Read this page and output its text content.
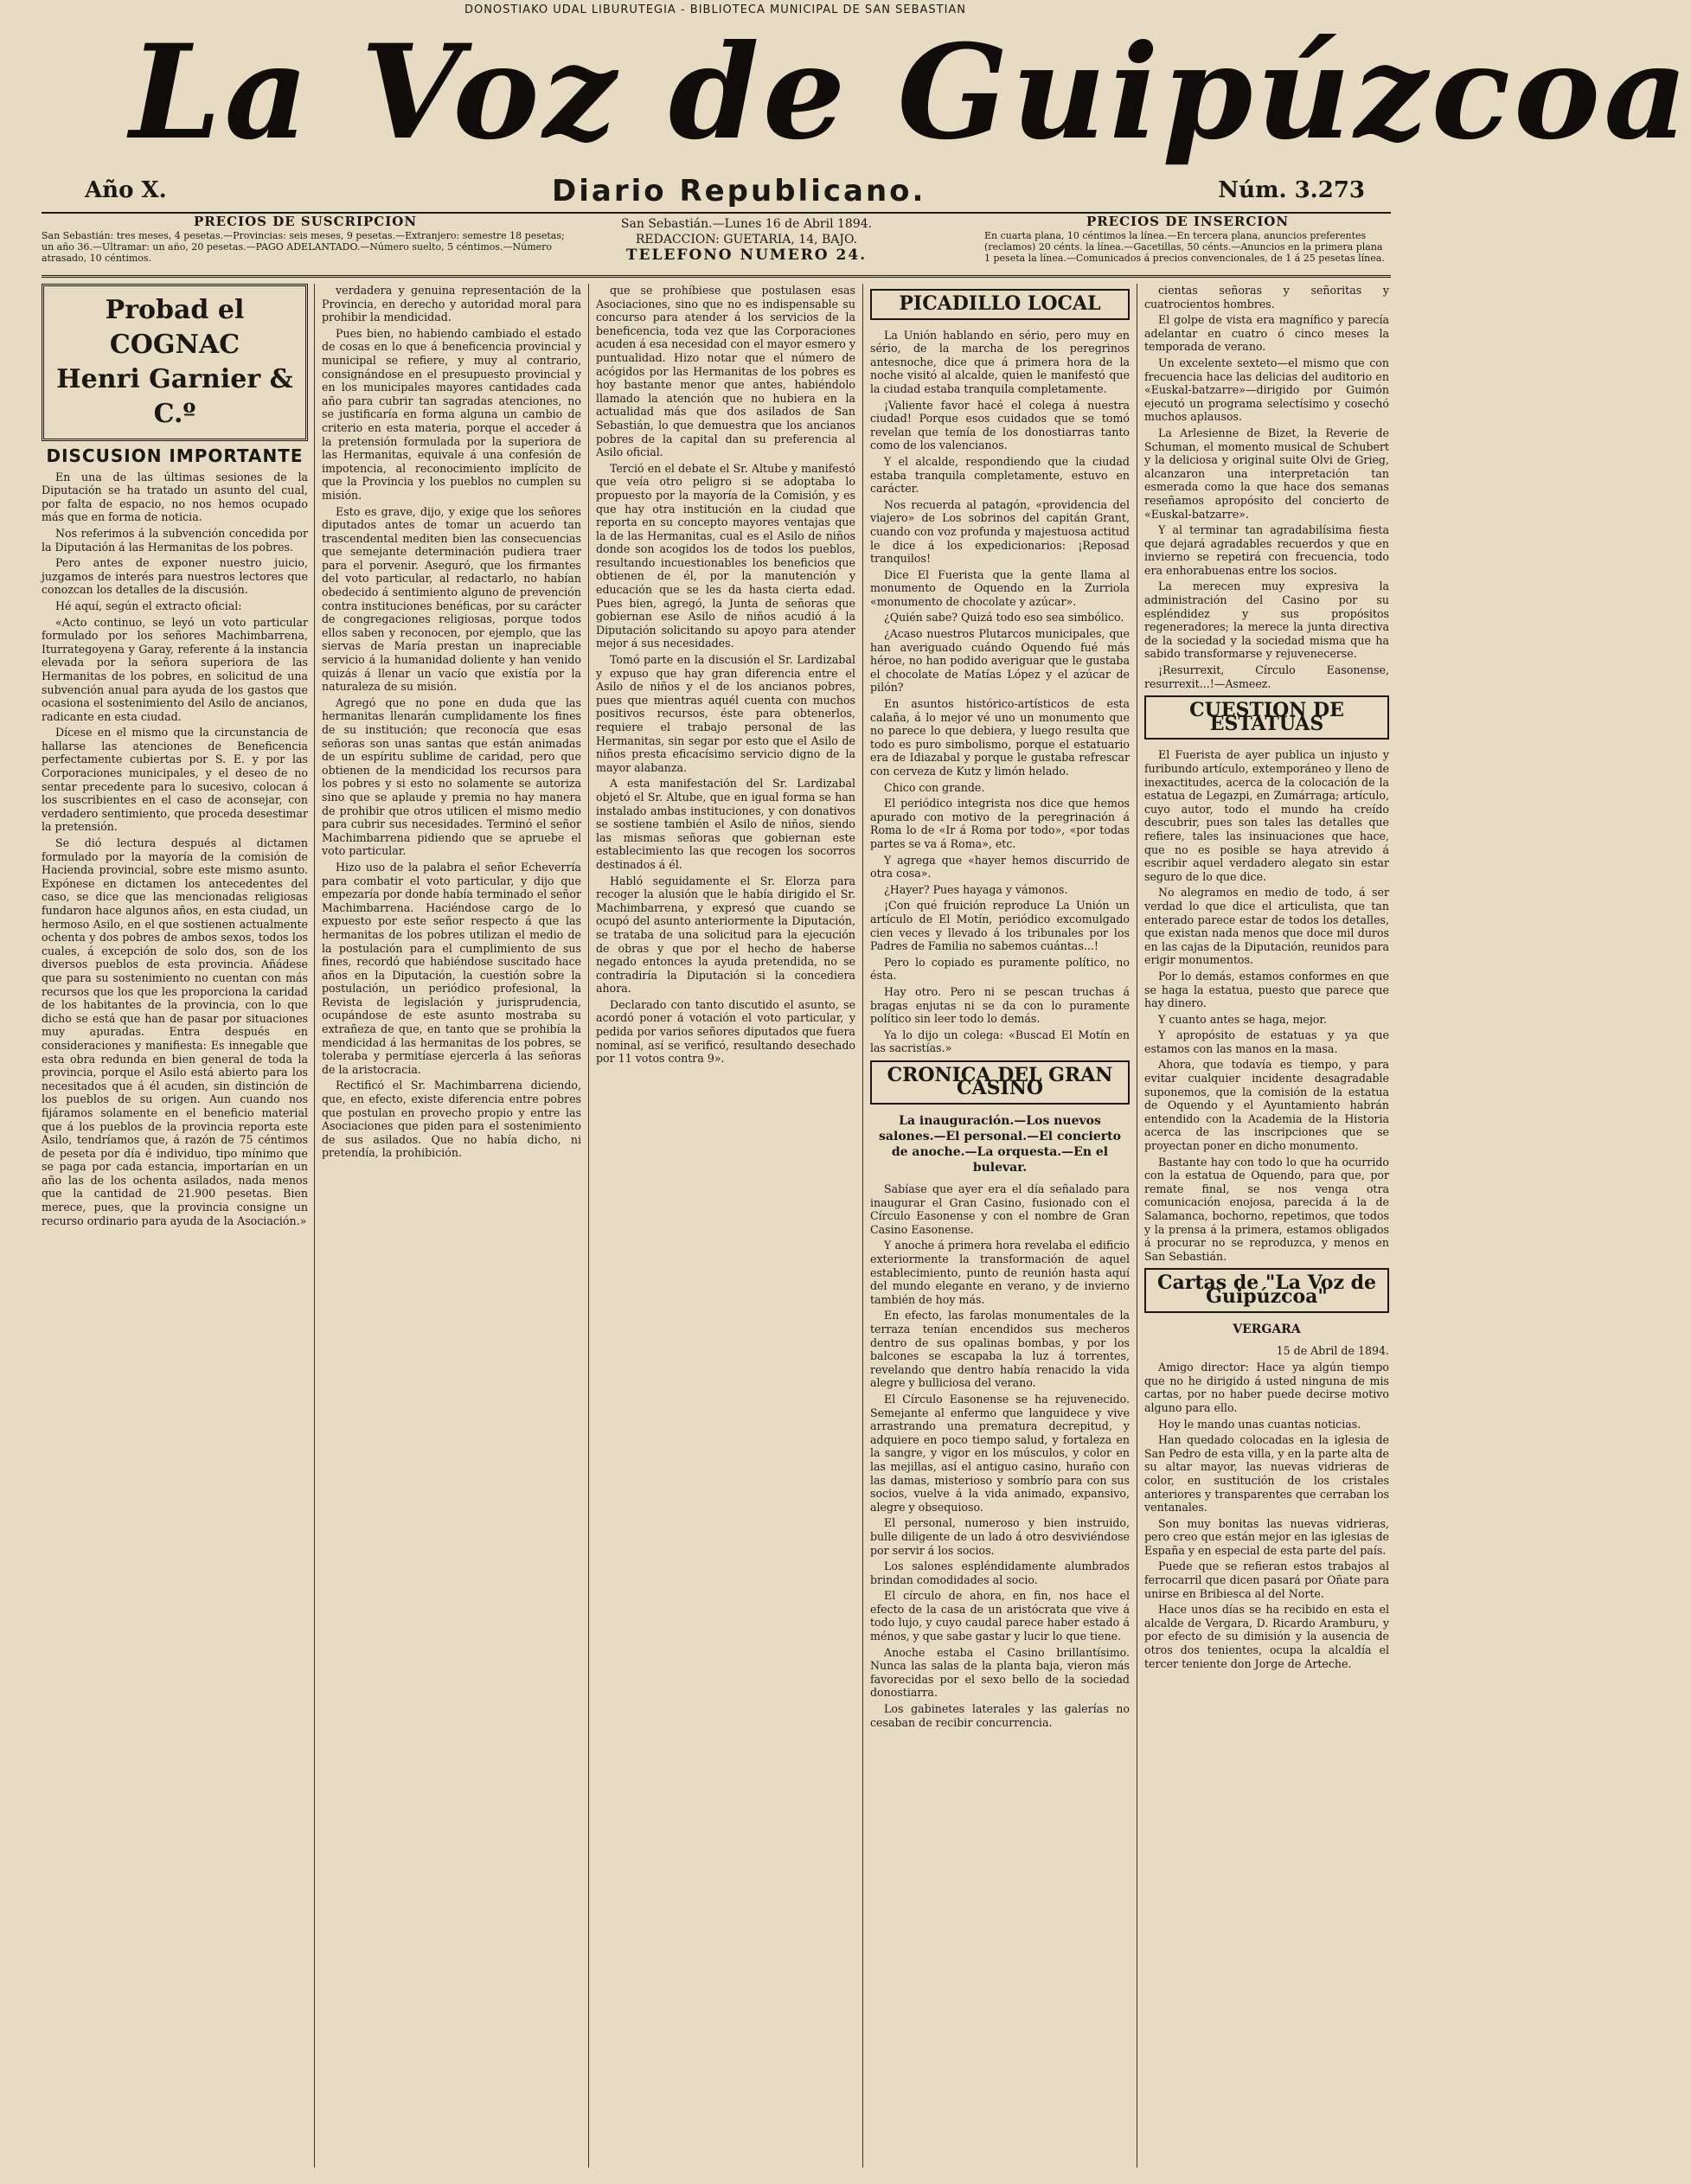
DONOSTIAKO UDAL LIBURUTEGIA - BIBLIOTECA MUNICIPAL DE SAN SEBASTIAN
La Voz de Guipúzcoa
Año X.	Diario Republicano.	Núm. 3.273
PRECIOS DE SUSCRIPCION
San Sebastián: tres meses, 4 pesetas.—Provincias: seis meses, 9 pesetas.—Extranjero: semestre 18 pesetas; un año 36.—Ultramar: un año, 20 pesetas.—PAGO ADELANTADO.—Número suelto, 5 céntimos.—Número atrasado, 10 céntimos.
San Sebastián.—Lunes 16 de Abril 1894.
REDACCION: GUETARIA, 14, BAJO.
TELEFONO NUMERO 24.
PRECIOS DE INSERCION
En cuarta plana, 10 céntimos la línea.—En tercera plana, anuncios preferentes (reclamos) 20 cénts. la línea.—Gacetillas, 50 cénts.—Anuncios en la primera plana 1 peseta la línea.—Comunicados á precios convencionales, de 1 á 25 pesetas línea.
Probad el COGNAC
Henri Garnier & C.º
DISCUSION IMPORTANTE

En una de las últimas sesiones de la Diputación se ha tratado un asunto del cual, por falta de espacio, no nos hemos ocupado más que en forma de noticia.

Nos referimos á la subvención concedida por la Diputación á las Hermanitas de los pobres.

Pero antes de exponer nuestro juicio, juzgamos de interés para nuestros lectores que conozcan los detalles de la discusión.

Hé aquí, según el extracto oficial:

«Acto continuo, se leyó un voto particular formulado por los señores Machimbarrena, Iturrategoyena y Garay, referente á la instancia elevada por la señora superiora de las Hermanitas de los pobres, en solicitud de una subvención anual para ayuda de los gastos que ocasiona el sostenimiento del Asilo de ancianos, radicante en esta ciudad.

Dícese en el mismo que la circunstancia de hallarse las atenciones de Beneficencia perfectamente cubiertas por S. E. y por las Corporaciones municipales, y el deseo de no sentar precedente para lo sucesivo, colocan á los suscribientes en el caso de aconsejar, con verdadero sentimiento, que proceda desestimar la pretensión.

Se dió lectura después al dictamen formulado por la mayoría de la comisión de Hacienda provincial, sobre este mismo asunto. Expónese en dictamen los antecedentes del caso, se dice que las mencionadas religiosas fundaron hace algunos años, en esta ciudad, un hermoso Asilo, en el que sostienen actualmente ochenta y dos pobres de ambos sexos, todos los cuales, á excepción de solo dos, son de los diversos pueblos de esta provincia. Añádese que para su sostenimiento no cuentan con más recursos que los que les proporciona la caridad de los habitantes de la provincia, con lo que dicho se está que han de pasar por situaciones muy apuradas. Entra después en consideraciones y manifiesta: Es innegable que esta obra redunda en bien general de toda la provincia, porque el Asilo está abierto para los necesitados que á él acuden, sin distinción de los pueblos de su origen. Aun cuando nos fijáramos solamente en el beneficio material que á los pueblos de la provincia reporta este Asilo, tendríamos que, á razón de 75 céntimos de peseta por día é individuo, tipo mínimo que se paga por cada estancia, importarían en un año las de los ochenta asilados, nada menos que la cantidad de 21.900 pesetas. Bien merece, pues, que la provincia consigne un recurso ordinario para ayuda de la Asociación.»

verdadera y genuina representación de la Provincia, en derecho y autoridad moral para prohibir la mendicidad.

Pues bien, no habiendo cambiado el estado de cosas en lo que á beneficencia provincial y municipal se refiere, y muy al contrario, consignándose en el presupuesto provincial y en los municipales mayores cantidades cada año para cubrir tan sagradas atenciones, no se justificaría en forma alguna un cambio de criterio en esta materia, porque el acceder á la pretensión formulada por la superiora de las Hermanitas, equivale á una confesión de impotencia, al reconocimiento implícito de que la Provincia y los pueblos no cumplen su misión.

Esto es grave, dijo, y exige que los señores diputados antes de tomar un acuerdo tan trascendental mediten bien las consecuencias que semejante determinación pudiera traer para el porvenir. Aseguró, que los firmantes del voto particular, al redactarlo, no habían obedecido á sentimiento alguno de prevención contra instituciones benéficas, por su carácter de congregaciones religiosas, porque todos ellos saben y reconocen, por ejemplo, que las siervas de María prestan un inapreciable servicio á la humanidad doliente y han venido quizás á llenar un vacío que existía por la naturaleza de su misión.

Agregó que no pone en duda que las hermanitas llenarán cumplidamente los fines de su institución; que reconocía que esas señoras son unas santas que están animadas de un espíritu sublime de caridad, pero que obtienen de la mendicidad los recursos para los pobres y si esto no solamente se autoriza sino que se aplaude y premia no hay manera de prohibir que otros utilicen el mismo medio para cubrir sus necesidades. Terminó el señor Machimbarrena pidiendo que se apruebe el voto particular.

Hizo uso de la palabra el señor Echeverría para combatir el voto particular, y dijo que empezaría por donde había terminado el señor Machimbarrena. Haciéndose cargo de lo expuesto por este señor respecto á que las hermanitas de los pobres utilizan el medio de la postulación para el cumplimiento de sus fines, recordó que habiéndose suscitado hace años en la Diputación, la cuestión sobre la postulación, un periódico profesional, la Revista de legislación y jurisprudencia, ocupándose de este asunto mostraba su extrañeza de que, en tanto que se prohibía la mendicidad á las hermanitas de los pobres, se toleraba y permitíase ejercerla á las señoras de la aristocracia.

Rectificó el Sr. Machimbarrena diciendo, que, en efecto, existe diferencia entre pobres que postulan en provecho propio y entre las Asociaciones que piden para el sostenimiento de sus asilados. Que no había dicho, ni pretendía, la prohibición.

que se prohíbiese que postulasen esas Asociaciones, sino que no es indispensable su concurso para atender á los servicios de la beneficencia, toda vez que las Corporaciones acuden á esa necesidad con el mayor esmero y puntualidad. Hizo notar que el número de acógidos por las Hermanitas de los pobres es hoy bastante menor que antes, habiéndolo llamado la atención que no hubiera en la actualidad más que dos asilados de San Sebastián, lo que demuestra que los ancianos pobres de la capital dan su preferencia al Asilo oficial.

Terció en el debate el Sr. Altube y manifestó que veía otro peligro si se adoptaba lo propuesto por la mayoría de la Comisión, y es que hay otra institución en la ciudad que reporta en su concepto mayores ventajas que la de las Hermanitas, cual es el Asilo de niños donde son acogidos los de todos los pueblos, resultando incuestionables los beneficios que obtienen de él, por la manutención y educación que se les da hasta cierta edad. Pues bien, agregó, la Junta de señoras que gobiernan ese Asilo de niños acudió á la Diputación solicitando su apoyo para atender mejor á sus necesidades.

Tomó parte en la discusión el Sr. Lardizabal y expuso que hay gran diferencia entre el Asilo de niños y el de los ancianos pobres, pues que mientras aquél cuenta con muchos positivos recursos, éste para obtenerlos, requiere el trabajo personal de las Hermanitas, sin segar por esto que el Asilo de niños presta eficacísimo servicio digno de la mayor alabanza.

A esta manifestación del Sr. Lardizabal objetó el Sr. Altube, que en igual forma se han instalado ambas instituciones, y con donativos se sostiene también el Asilo de niños, siendo las mismas señoras que gobiernan este establecimiento las que recogen los socorros destinados á él.

Habló seguidamente el Sr. Elorza para recoger la alusión que le había dirigido el Sr. Machimbarrena, y expresó que cuando se ocupó del asunto anteriormente la Diputación, se trataba de una solicitud para la ejecución de obras y que por el hecho de haberse negado entonces la ayuda pretendida, no se contradiría la Diputación si la concediera ahora.

Declarado con tanto discutido el asunto, se acordó poner á votación el voto particular, y pedida por varios señores diputados que fuera nominal, así se verificó, resultando desechado por 11 votos contra 9».

PICADILLO LOCAL

La Unión hablando en sério, pero muy en sério, de la marcha de los peregrinos antesnoche, dice que á primera hora de la noche visitó al alcalde, quien le manifestó que la ciudad estaba tranquila completamente.

¡Valiente favor hacé el colega á nuestra ciudad! Porque esos cuidados que se tomó revelan que temía de los donostiarras tanto como de los valencianos.

Y el alcalde, respondiendo que la ciudad estaba tranquila completamente, estuvo en carácter.

Nos recuerda al patagón, «providencia del viajero» de Los sobrinos del capitán Grant, cuando con voz profunda y majestuosa actitud le dice á los expedicionarios: ¡Reposad tranquilos!

Dice El Fuerista que la gente llama al monumento de Oquendo en la Zurriola «monumento de chocolate y azúcar».

¿Quién sabe? Quizá todo eso sea simbólico.

¿Acaso nuestros Plutarcos municipales, que han averiguado cuándo Oquendo fué más héroe, no han podido averiguar que le gustaba el chocolate de Matías López y el azúcar de pilón?

En asuntos histórico-artísticos de esta calaña, á lo mejor vé uno un monumento que no parece lo que debiera, y luego resulta que todo es puro simbolismo, porque el estatuario era de Idiazabal y porque le gustaba refrescar con cerveza de Kutz y limón helado.

Chico con grande.

El periódico integrista nos dice que hemos apurado con motivo de la peregrinación á Roma lo de «Ir á Roma por todo», «por todas partes se va á Roma», etc.

Y agrega que «hayer hemos discurrido de otra cosa».

¿Hayer? Pues hayaga y vámonos.

¡Con qué fruición reproduce La Unión un artículo de El Motín, periódico excomulgado cien veces y llevado á los tribunales por los Padres de Familia no sabemos cuántas...!

Pero lo copiado es puramente político, no ésta.

Hay otro. Pero ni se pescan truchas á bragas enjutas ni se da con lo puramente político sin leer todo lo demás.

Ya lo dijo un colega: «Buscad El Motín en las sacristías.»

CRONICA DEL GRAN CASINO
La inauguración.—Los nuevos salones.—El personal.—El concierto de anoche.—La orquesta.—En el bulevar.

Sabíase que ayer era el día señalado para inaugurar el Gran Casino, fusionado con el Círculo Easonense y con el nombre de Gran Casino Easonense.

Y anoche á primera hora revelaba el edificio exteriormente la transformación de aquel establecimiento, punto de reunión hasta aquí del mundo elegante en verano, y de invierno también de hoy más.

En efecto, las farolas monumentales de la terraza tenían encendidos sus mecheros dentro de sus opalinas bombas, y por los balcones se escapaba la luz á torrentes, revelando que dentro había renacido la vida alegre y bulliciosa del verano.

El Círculo Easonense se ha rejuvenecido. Semejante al enfermo que languidece y vive arrastrando una prematura decrepitud, y adquiere en poco tiempo salud, y fortaleza en la sangre, y vigor en los músculos, y color en las mejillas, así el antiguo casino, huraño con las damas, misterioso y sombrío para con sus socios, vuelve á la vida animado, expansivo, alegre y obsequioso.

El personal, numeroso y bien instruido, bulle diligente de un lado á otro desviviéndose por servir á los socios.

Los salones espléndidamente alumbrados brindan comodidades al socio.

El círculo de ahora, en fin, nos hace el efecto de la casa de un aristócrata que vive á todo lujo, y cuyo caudal parece haber estado á ménos, y que sabe gastar y lucir lo que tiene.

Anoche estaba el Casino brillantísimo. Nunca las salas de la planta baja, vieron más favorecidas por el sexo bello de la sociedad donostiarra.

Los gabinetes laterales y las galerías no cesaban de recibir concurrencia.

cientas señoras y señoritas y cuatrocientos hombres.

El golpe de vista era magnífico y parecía adelantar en cuatro ó cinco meses la temporada de verano.

Un excelente sexteto—el mismo que con frecuencia hace las delicias del auditorio en «Euskal-batzarre»—dirigido por Guimón ejecutó un programa selectísimo y cosechó muchos aplausos.

La Arlesienne de Bizet, la Reverie de Schuman, el momento musical de Schubert y la deliciosa y original suite Olvi de Grieg, alcanzaron una interpretación tan esmerada como la que hace dos semanas reseñamos apropósito del concierto de «Euskal-batzarre».

Y al terminar tan agradabilísima fiesta que dejará agradables recuerdos y que en invierno se repetirá con frecuencia, todo era enhorabuenas entre los socios.

La merecen muy expresiva la administración del Casino por su espléndidez y sus propósitos regeneradores; la merece la junta directiva de la sociedad y la sociedad misma que ha sabido transformarse y rejuvenecerse.

¡Resurrexit, Círculo Easonense, resurrexit...!—Asmeez.

CUESTION DE ESTATUAS

El Fuerista de ayer publica un injusto y furibundo artículo, extemporáneo y lleno de inexactitudes, acerca de la colocación de la estatua de Legazpi, en Zumárraga; artículo, cuyo autor, todo el mundo ha creído descubrir, pues son tales las detalles que refiere, tales las insinuaciones que hace, que no es posible se haya atrevido á escribir aquel verdadero alegato sin estar seguro de lo que dice.

No alegramos en medio de todo, á ser verdad lo que dice el articulista, que tan enterado parece estar de todos los detalles, que existan nada menos que doce mil duros en las cajas de la Diputación, reunidos para erigir monumentos.

Por lo demás, estamos conformes en que se haga la estatua, puesto que parece que hay dinero.

Y cuanto antes se haga, mejor.

Y apropósito de estatuas y ya que estamos con las manos en la masa.

Ahora, que todavía es tiempo, y para evitar cualquier incidente desagradable suponemos, que la comisión de la estatua de Oquendo y el Ayuntamiento habrán entendido con la Academia de la Historia acerca de las inscripciones que se proyectan poner en dicho monumento.

Bastante hay con todo lo que ha ocurrido con la estatua de Oquendo, para que, por remate final, se nos venga otra comunicación enojosa, parecida á la de Salamanca, bochorno, repetimos, que todos y la prensa á la primera, estamos obligados á procurar no se reproduzca, y menos en San Sebastián.

Cartas de "La Voz de Guipúzcoa"
VERGARA
15 de Abril de 1894.

Amigo director: Hace ya algún tiempo que no he dirigido á usted ninguna de mis cartas, por no haber puede decirse motivo alguno para ello.

Hoy le mando unas cuantas noticias.

Han quedado colocadas en la iglesia de San Pedro de esta villa, y en la parte alta de su altar mayor, las nuevas vidrieras de color, en sustitución de los cristales anteriores y transparentes que cerraban los ventanales.

Son muy bonitas las nuevas vidrieras, pero creo que están mejor en las iglesias de España y en especial de esta parte del país.

Puede que se refieran estos trabajos al ferrocarril que dicen pasará por Oñate para unirse en Bribiesca al del Norte.

Hace unos días se ha recibido en esta el alcalde de Vergara, D. Ricardo Aramburu, y por efecto de su dimisión y la ausencia de otros dos tenientes, ocupa la alcaldía el tercer teniente don Jorge de Arteche.
